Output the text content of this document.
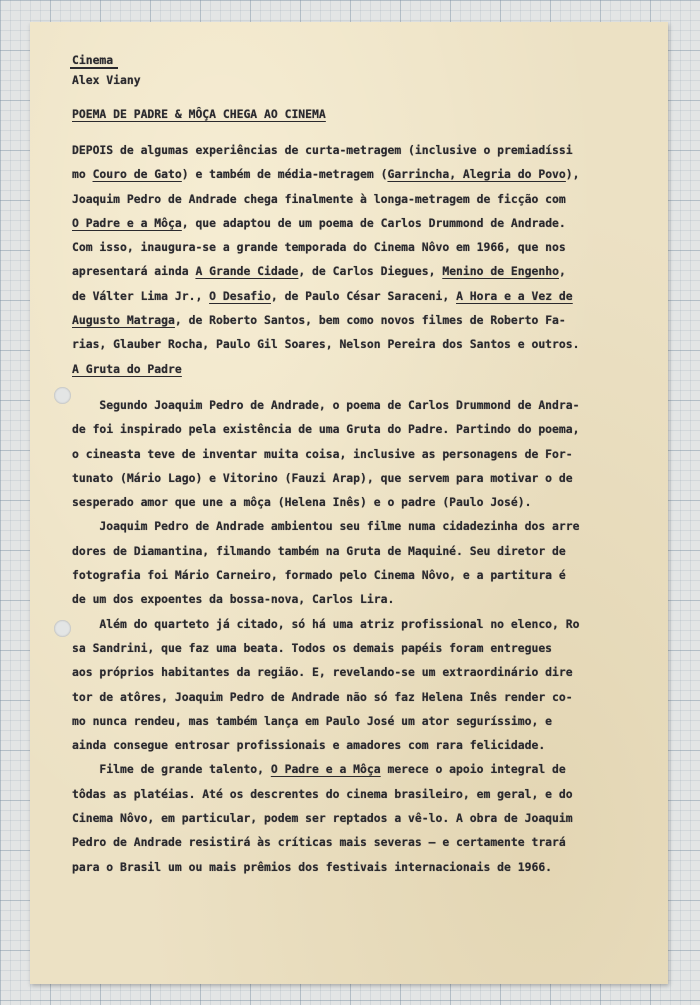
Cinema
Alex Viany
POEMA DE PADRE & MÔÇA CHEGA AO CINEMA
DEPOIS de algumas experiências de curta-metragem (inclusive o premiadíssi
mo Couro de Gato) e também de média-metragem (Garrincha, Alegria do Povo),
Joaquim Pedro de Andrade chega finalmente à longa-metragem de ficção com
O Padre e a Môça, que adaptou de um poema de Carlos Drummond de Andrade.
Com isso, inaugura-se a grande temporada do Cinema Nôvo em 1966, que nos
apresentará ainda A Grande Cidade, de Carlos Diegues, Menino de Engenho,
de Válter Lima Jr., O Desafio, de Paulo César Saraceni, A Hora e a Vez de
Augusto Matraga, de Roberto Santos, bem como novos filmes de Roberto Fa-
rias, Glauber Rocha, Paulo Gil Soares, Nelson Pereira dos Santos e outros.
A Gruta do Padre
Segundo Joaquim Pedro de Andrade, o poema de Carlos Drummond de Andra-
de foi inspirado pela existência de uma Gruta do Padre. Partindo do poema,
o cineasta teve de inventar muita coisa, inclusive as personagens de For-
tunato (Mário Lago) e Vitorino (Fauzi Arap), que servem para motivar o de
sesperado amor que une a môça (Helena Inês) e o padre (Paulo José).
Joaquim Pedro de Andrade ambientou seu filme numa cidadezinha dos arre
dores de Diamantina, filmando também na Gruta de Maquiné. Seu diretor de
fotografia foi Mário Carneiro, formado pelo Cinema Nôvo, e a partitura é
de um dos expoentes da bossa-nova, Carlos Lira.
Além do quarteto já citado, só há uma atriz profissional no elenco, Ro
sa Sandrini, que faz uma beata. Todos os demais papéis foram entregues
aos próprios habitantes da região. E, revelando-se um extraordinário dire
tor de atôres, Joaquim Pedro de Andrade não só faz Helena Inês render co-
mo nunca rendeu, mas também lança em Paulo José um ator seguríssimo, e
ainda consegue entrosar profissionais e amadores com rara felicidade.
Filme de grande talento, O Padre e a Môça merece o apoio integral de
tôdas as platéias. Até os descrentes do cinema brasileiro, em geral, e do
Cinema Nôvo, em particular, podem ser reptados a vê-lo. A obra de Joaquim
Pedro de Andrade resistirá às críticas mais severas — e certamente trará
para o Brasil um ou mais prêmios dos festivais internacionais de 1966.
